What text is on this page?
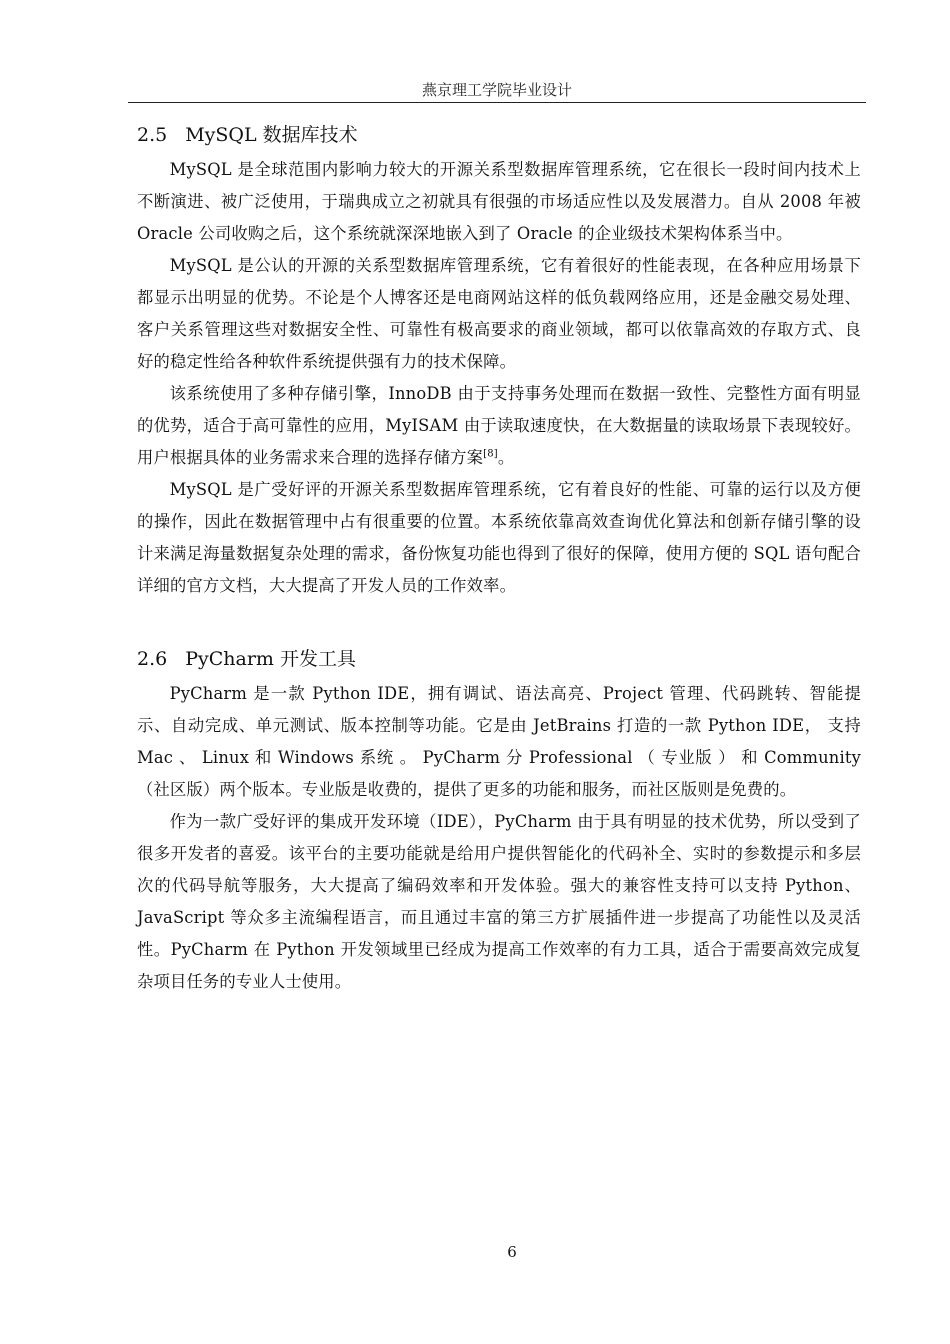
燕京理工学院毕业设计
2.5 MySQL 数据库技术

MySQL 是全球范围内影响力较大的开源关系型数据库管理系统，它在很长一段时间内技术上不断演进、被广泛使用，于瑞典成立之初就具有很强的市场适应性以及发展潜力。自从 2008 年被 Oracle 公司收购之后，这个系统就深深地嵌入到了 Oracle 的企业级技术架构体系当中。

MySQL 是公认的开源的关系型数据库管理系统，它有着很好的性能表现，在各种应用场景下都显示出明显的优势。不论是个人博客还是电商网站这样的低负载网络应用，还是金融交易处理、客户关系管理这些对数据安全性、可靠性有极高要求的商业领域，都可以依靠高效的存取方式、良好的稳定性给各种软件系统提供强有力的技术保障。

该系统使用了多种存储引擎，InnoDB 由于支持事务处理而在数据一致性、完整性方面有明显的优势，适合于高可靠性的应用，MyISAM 由于读取速度快，在大数据量的读取场景下表现较好。用户根据具体的业务需求来合理的选择存储方案[8]。

MySQL 是广受好评的开源关系型数据库管理系统，它有着良好的性能、可靠的运行以及方便的操作，因此在数据管理中占有很重要的位置。本系统依靠高效查询优化算法和创新存储引擎的设计来满足海量数据复杂处理的需求，备份恢复功能也得到了很好的保障，使用方便的 SQL 语句配合详细的官方文档，大大提高了开发人员的工作效率。

2.6 PyCharm 开发工具

PyCharm 是一款 Python IDE，拥有调试、语法高亮、Project 管理、代码跳转、智能提示、自动完成、单元测试、版本控制等功能。它是由 JetBrains 打造的一款 Python IDE， 支持 Mac 、 Linux 和 Windows 系统 。 PyCharm 分 Professional （ 专业版 ） 和 Community（社区版）两个版本。专业版是收费的，提供了更多的功能和服务，而社区版则是免费的。

作为一款广受好评的集成开发环境（IDE），PyCharm 由于具有明显的技术优势，所以受到了很多开发者的喜爱。该平台的主要功能就是给用户提供智能化的代码补全、实时的参数提示和多层次的代码导航等服务，大大提高了编码效率和开发体验。强大的兼容性支持可以支持 Python、JavaScript 等众多主流编程语言，而且通过丰富的第三方扩展插件进一步提高了功能性以及灵活性。PyCharm 在 Python 开发领域里已经成为提高工作效率的有力工具，适合于需要高效完成复杂项目任务的专业人士使用。

6
